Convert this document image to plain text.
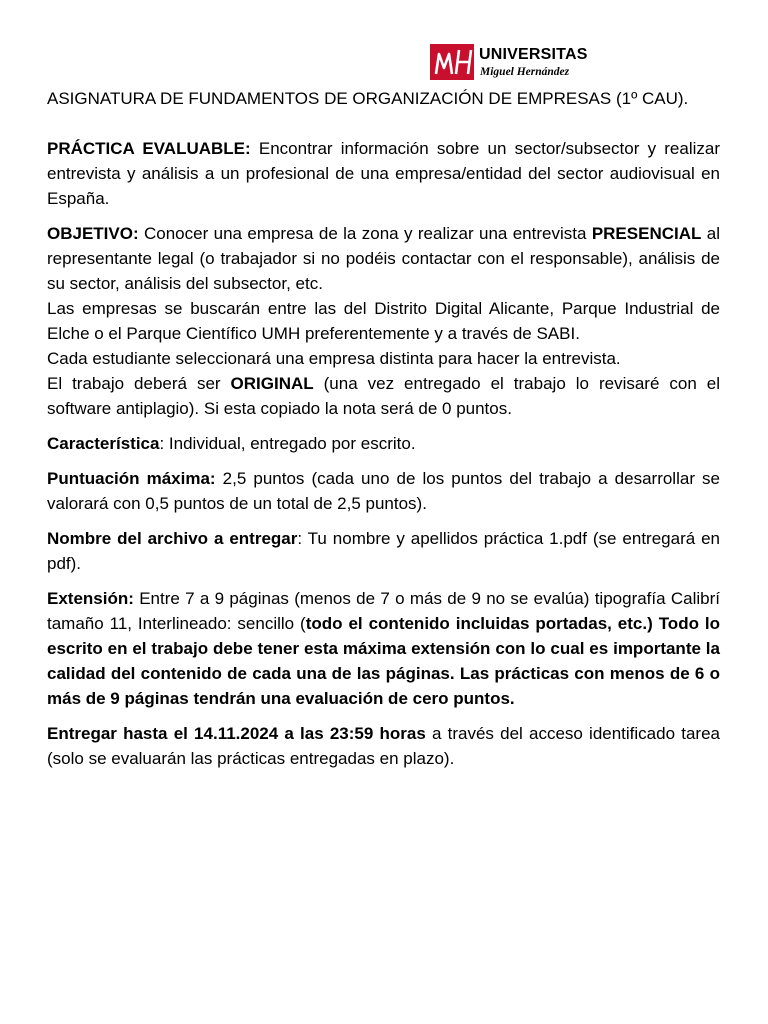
UNIVERSITAS
Miguel Hernández

ASIGNATURA DE FUNDAMENTOS DE ORGANIZACIÓN DE EMPRESAS (1º CAU).

PRÁCTICA EVALUABLE: Encontrar información sobre un sector/subsector y realizar entrevista y análisis a un profesional de una empresa/entidad del sector audiovisual en España.

OBJETIVO: Conocer una empresa de la zona y realizar una entrevista PRESENCIAL al representante legal (o trabajador si no podéis contactar con el responsable), análisis de su sector, análisis del subsector, etc.

Las empresas se buscarán entre las del Distrito Digital Alicante, Parque Industrial de Elche o el Parque Científico UMH preferentemente y a través de SABI.

Cada estudiante seleccionará una empresa distinta para hacer la entrevista.

El trabajo deberá ser ORIGINAL (una vez entregado el trabajo lo revisaré con el software antiplagio). Si esta copiado la nota será de 0 puntos.

Característica: Individual, entregado por escrito.

Puntuación máxima: 2,5 puntos (cada uno de los puntos del trabajo a desarrollar se valorará con 0,5 puntos de un total de 2,5 puntos).

Nombre del archivo a entregar: Tu nombre y apellidos práctica 1.pdf (se entregará en pdf).

Extensión: Entre 7 a 9 páginas (menos de 7 o más de 9 no se evalúa) tipografía Calibrí tamaño 11, Interlineado: sencillo (todo el contenido incluidas portadas, etc.) Todo lo escrito en el trabajo debe tener esta máxima extensión con lo cual es importante la calidad del contenido de cada una de las páginas. Las prácticas con menos de 6 o más de 9 páginas tendrán una evaluación de cero puntos.

Entregar hasta el 14.11.2024 a las 23:59 horas a través del acceso identificado tarea (solo se evaluarán las prácticas entregadas en plazo).
